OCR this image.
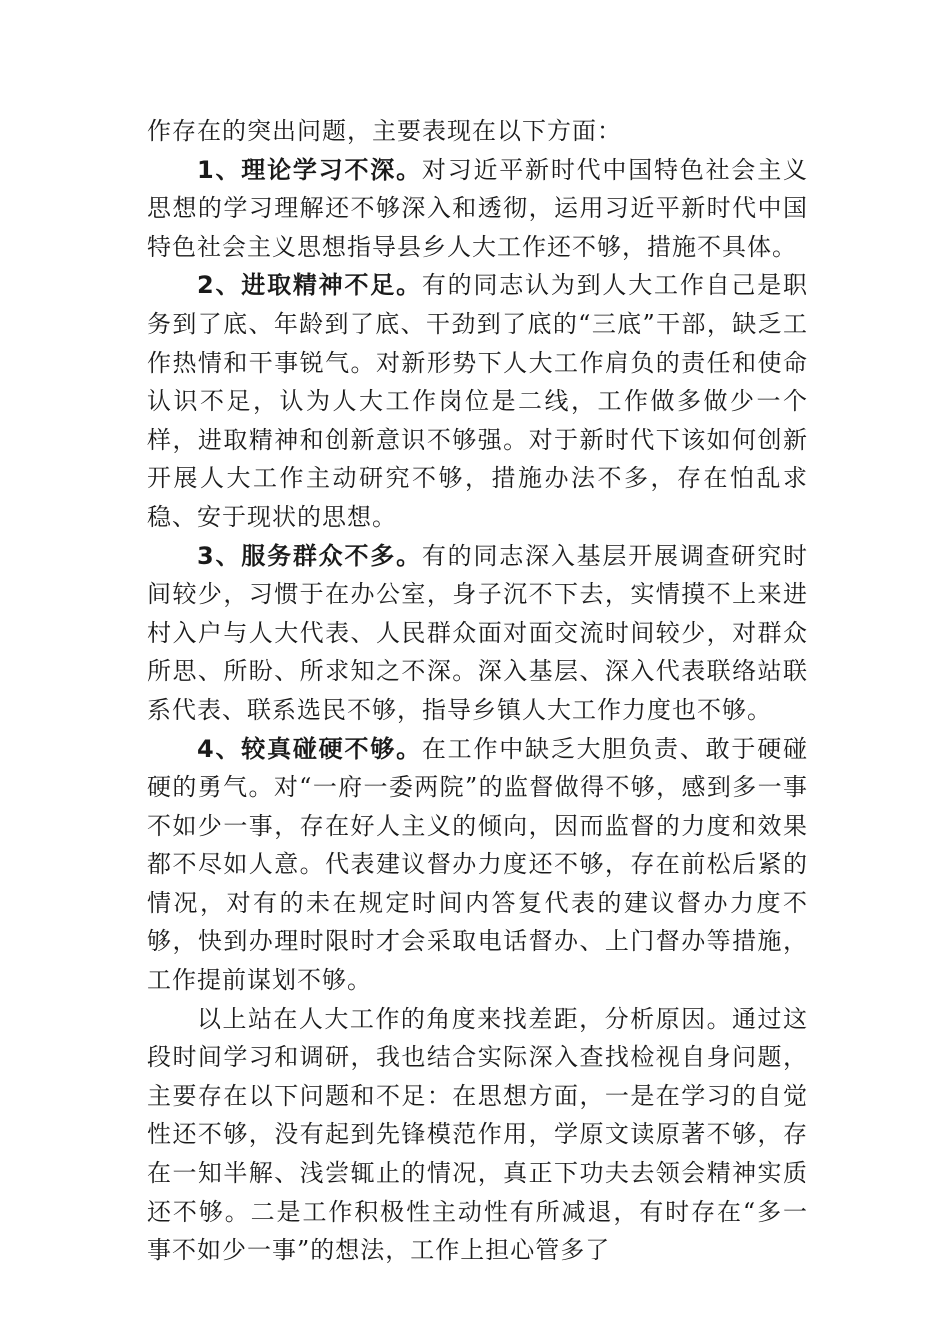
作存在的突出问题，主要表现在以下方面：

1、理论学习不深。对习近平新时代中国特色社会主义思想的学习理解还不够深入和透彻，运用习近平新时代中国特色社会主义思想指导县乡人大工作还不够，措施不具体。

2、进取精神不足。有的同志认为到人大工作自己是职务到了底、年龄到了底、干劲到了底的“三底”干部，缺乏工作热情和干事锐气。对新形势下人大工作肩负的责任和使命认识不足，认为人大工作岗位是二线，工作做多做少一个样，进取精神和创新意识不够强。对于新时代下该如何创新开展人大工作主动研究不够，措施办法不多，存在怕乱求稳、安于现状的思想。

3、服务群众不多。有的同志深入基层开展调查研究时间较少，习惯于在办公室，身子沉不下去，实情摸不上来进村入户与人大代表、人民群众面对面交流时间较少，对群众所思、所盼、所求知之不深。深入基层、深入代表联络站联系代表、联系选民不够，指导乡镇人大工作力度也不够。

4、较真碰硬不够。在工作中缺乏大胆负责、敢于硬碰硬的勇气。对“一府一委两院”的监督做得不够，感到多一事不如少一事，存在好人主义的倾向，因而监督的力度和效果都不尽如人意。代表建议督办力度还不够，存在前松后紧的情况，对有的未在规定时间内答复代表的建议督办力度不够，快到办理时限时才会采取电话督办、上门督办等措施，工作提前谋划不够。

以上站在人大工作的角度来找差距，分析原因。通过这段时间学习和调研，我也结合实际深入查找检视自身问题，主要存在以下问题和不足：在思想方面，一是在学习的自觉性还不够，没有起到先锋模范作用，学原文读原著不够，存在一知半解、浅尝辄止的情况，真正下功夫去领会精神实质还不够。二是工作积极性主动性有所减退，有时存在“多一事不如少一事”的想法，工作上担心管多了
